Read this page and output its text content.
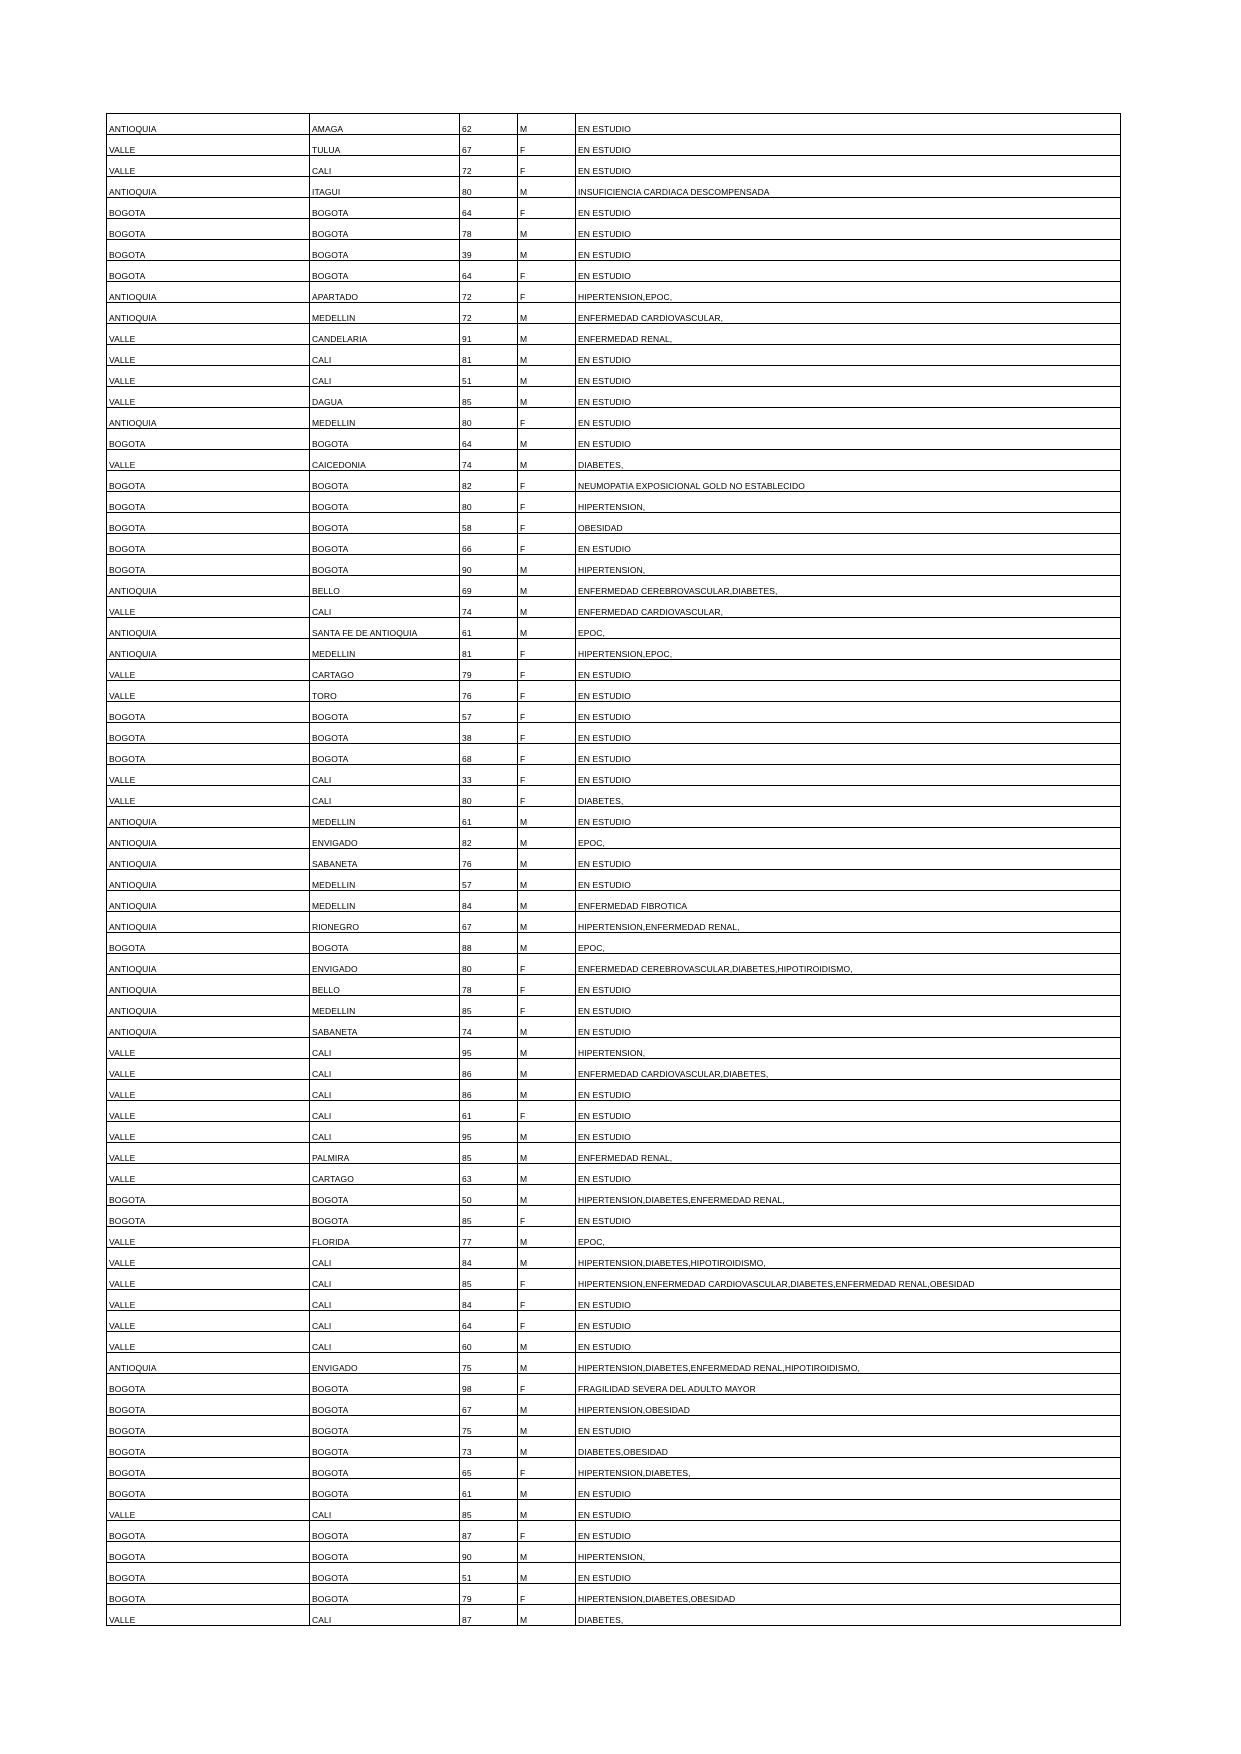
ANTIOQUIA	AMAGA	62	M	EN ESTUDIO
VALLE	TULUA	67	F	EN ESTUDIO
VALLE	CALI	72	F	EN ESTUDIO
ANTIOQUIA	ITAGUI	80	M	INSUFICIENCIA CARDIACA DESCOMPENSADA
BOGOTA	BOGOTA	64	F	EN ESTUDIO
BOGOTA	BOGOTA	78	M	EN ESTUDIO
BOGOTA	BOGOTA	39	M	EN ESTUDIO
BOGOTA	BOGOTA	64	F	EN ESTUDIO
ANTIOQUIA	APARTADO	72	F	HIPERTENSION,EPOC,
ANTIOQUIA	MEDELLIN	72	M	ENFERMEDAD CARDIOVASCULAR,
VALLE	CANDELARIA	91	M	ENFERMEDAD RENAL,
VALLE	CALI	81	M	EN ESTUDIO
VALLE	CALI	51	M	EN ESTUDIO
VALLE	DAGUA	85	M	EN ESTUDIO
ANTIOQUIA	MEDELLIN	80	F	EN ESTUDIO
BOGOTA	BOGOTA	64	M	EN ESTUDIO
VALLE	CAICEDONIA	74	M	DIABETES,
BOGOTA	BOGOTA	82	F	NEUMOPATIA EXPOSICIONAL GOLD NO ESTABLECIDO
BOGOTA	BOGOTA	80	F	HIPERTENSION,
BOGOTA	BOGOTA	58	F	OBESIDAD
BOGOTA	BOGOTA	66	F	EN ESTUDIO
BOGOTA	BOGOTA	90	M	HIPERTENSION,
ANTIOQUIA	BELLO	69	M	ENFERMEDAD CEREBROVASCULAR,DIABETES,
VALLE	CALI	74	M	ENFERMEDAD CARDIOVASCULAR,
ANTIOQUIA	SANTA FE DE ANTIOQUIA	61	M	EPOC,
ANTIOQUIA	MEDELLIN	81	F	HIPERTENSION,EPOC,
VALLE	CARTAGO	79	F	EN ESTUDIO
VALLE	TORO	76	F	EN ESTUDIO
BOGOTA	BOGOTA	57	F	EN ESTUDIO
BOGOTA	BOGOTA	38	F	EN ESTUDIO
BOGOTA	BOGOTA	68	F	EN ESTUDIO
VALLE	CALI	33	F	EN ESTUDIO
VALLE	CALI	80	F	DIABETES,
ANTIOQUIA	MEDELLIN	61	M	EN ESTUDIO
ANTIOQUIA	ENVIGADO	82	M	EPOC,
ANTIOQUIA	SABANETA	76	M	EN ESTUDIO
ANTIOQUIA	MEDELLIN	57	M	EN ESTUDIO
ANTIOQUIA	MEDELLIN	84	M	ENFERMEDAD FIBROTICA
ANTIOQUIA	RIONEGRO	67	M	HIPERTENSION,ENFERMEDAD RENAL,
BOGOTA	BOGOTA	88	M	EPOC,
ANTIOQUIA	ENVIGADO	80	F	ENFERMEDAD CEREBROVASCULAR,DIABETES,HIPOTIROIDISMO,
ANTIOQUIA	BELLO	78	F	EN ESTUDIO
ANTIOQUIA	MEDELLIN	85	F	EN ESTUDIO
ANTIOQUIA	SABANETA	74	M	EN ESTUDIO
VALLE	CALI	95	M	HIPERTENSION,
VALLE	CALI	86	M	ENFERMEDAD CARDIOVASCULAR,DIABETES,
VALLE	CALI	86	M	EN ESTUDIO
VALLE	CALI	61	F	EN ESTUDIO
VALLE	CALI	95	M	EN ESTUDIO
VALLE	PALMIRA	85	M	ENFERMEDAD RENAL,
VALLE	CARTAGO	63	M	EN ESTUDIO
BOGOTA	BOGOTA	50	M	HIPERTENSION,DIABETES,ENFERMEDAD RENAL,
BOGOTA	BOGOTA	85	F	EN ESTUDIO
VALLE	FLORIDA	77	M	EPOC,
VALLE	CALI	84	M	HIPERTENSION,DIABETES,HIPOTIROIDISMO,
VALLE	CALI	85	F	HIPERTENSION,ENFERMEDAD CARDIOVASCULAR,DIABETES,ENFERMEDAD RENAL,OBESIDAD
VALLE	CALI	84	F	EN ESTUDIO
VALLE	CALI	64	F	EN ESTUDIO
VALLE	CALI	60	M	EN ESTUDIO
ANTIOQUIA	ENVIGADO	75	M	HIPERTENSION,DIABETES,ENFERMEDAD RENAL,HIPOTIROIDISMO,
BOGOTA	BOGOTA	98	F	FRAGILIDAD SEVERA DEL ADULTO MAYOR
BOGOTA	BOGOTA	67	M	HIPERTENSION,OBESIDAD
BOGOTA	BOGOTA	75	M	EN ESTUDIO
BOGOTA	BOGOTA	73	M	DIABETES,OBESIDAD
BOGOTA	BOGOTA	65	F	HIPERTENSION,DIABETES,
BOGOTA	BOGOTA	61	M	EN ESTUDIO
VALLE	CALI	85	M	EN ESTUDIO
BOGOTA	BOGOTA	87	F	EN ESTUDIO
BOGOTA	BOGOTA	90	M	HIPERTENSION,
BOGOTA	BOGOTA	51	M	EN ESTUDIO
BOGOTA	BOGOTA	79	F	HIPERTENSION,DIABETES,OBESIDAD
VALLE	CALI	87	M	DIABETES,
